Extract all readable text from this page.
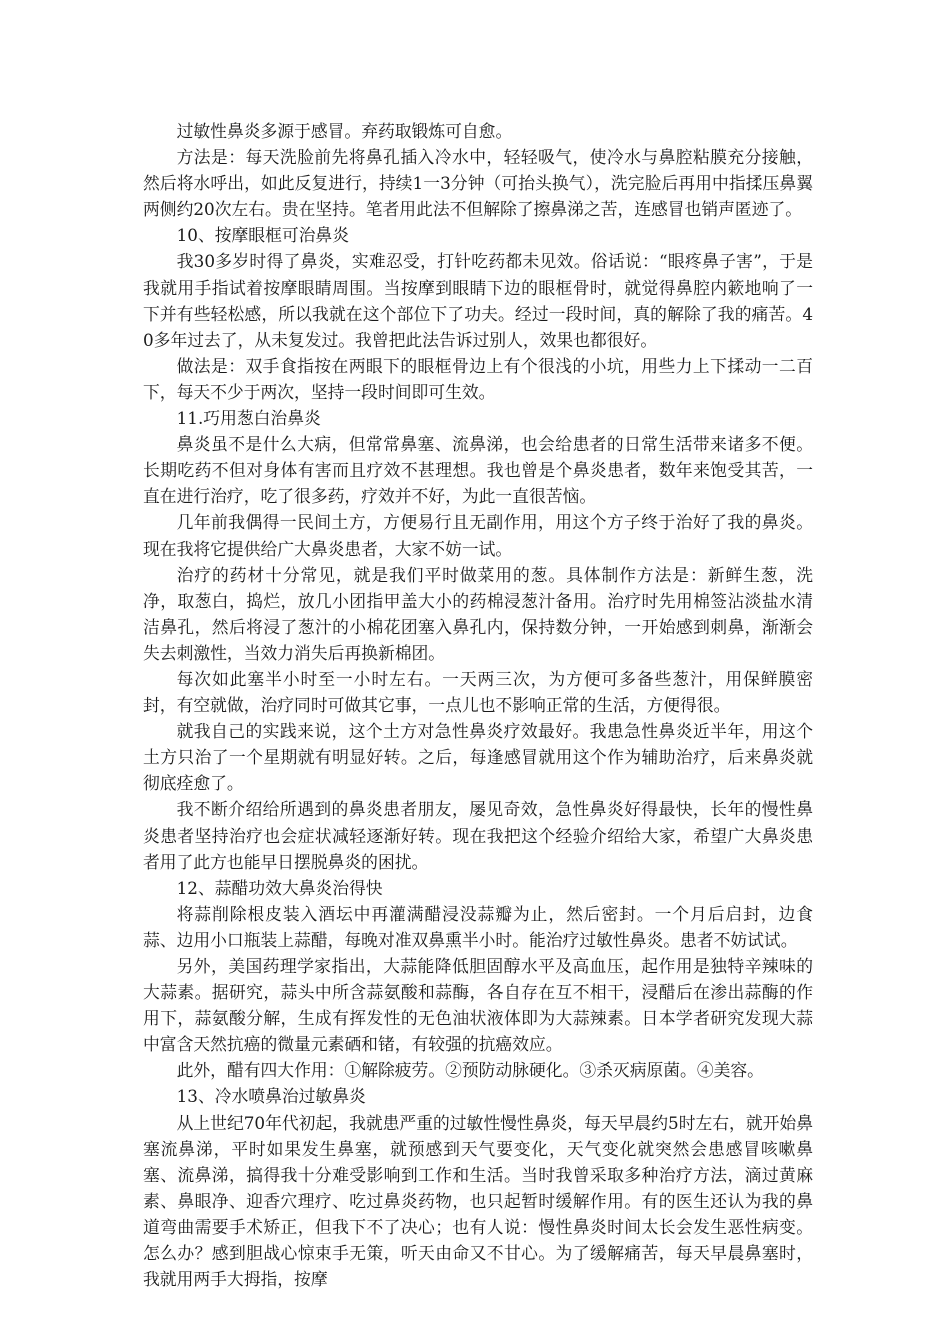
过敏性鼻炎多源于感冒。弃药取锻炼可自愈。

方法是：每天洗脸前先将鼻孔插入冷水中，轻轻吸气，使冷水与鼻腔粘膜充分接触，然后将水呼出，如此反复进行，持续1一3分钟（可抬头换气），洗完脸后再用中指揉压鼻翼两侧约20次左右。贵在坚持。笔者用此法不但解除了擦鼻涕之苦，连感冒也销声匿迹了。

10、按摩眼框可治鼻炎

我30多岁时得了鼻炎，实难忍受，打针吃药都未见效。俗话说：“眼疼鼻子害”，于是我就用手指试着按摩眼睛周围。当按摩到眼睛下边的眼框骨时，就觉得鼻腔内簌地响了一下并有些轻松感，所以我就在这个部位下了功夫。经过一段时间，真的解除了我的痛苦。40多年过去了，从未复发过。我曾把此法告诉过别人，效果也都很好。

做法是：双手食指按在两眼下的眼框骨边上有个很浅的小坑，用些力上下揉动一二百下，每天不少于两次，坚持一段时间即可生效。

11.巧用葱白治鼻炎

鼻炎虽不是什么大病，但常常鼻塞、流鼻涕，也会给患者的日常生活带来诸多不便。长期吃药不但对身体有害而且疗效不甚理想。我也曾是个鼻炎患者，数年来饱受其苦，一直在进行治疗，吃了很多药，疗效并不好，为此一直很苦恼。

几年前我偶得一民间土方，方便易行且无副作用，用这个方子终于治好了我的鼻炎。现在我将它提供给广大鼻炎患者，大家不妨一试。

治疗的药材十分常见，就是我们平时做菜用的葱。具体制作方法是：新鲜生葱，洗净，取葱白，捣烂，放几小团指甲盖大小的药棉浸葱汁备用。治疗时先用棉签沾淡盐水清洁鼻孔，然后将浸了葱汁的小棉花团塞入鼻孔内，保持数分钟，一开始感到刺鼻，渐渐会失去刺激性，当效力消失后再换新棉团。

每次如此塞半小时至一小时左右。一天两三次，为方便可多备些葱汁，用保鲜膜密封，有空就做，治疗同时可做其它事，一点儿也不影响正常的生活，方便得很。

就我自己的实践来说，这个土方对急性鼻炎疗效最好。我患急性鼻炎近半年，用这个土方只治了一个星期就有明显好转。之后，每逢感冒就用这个作为辅助治疗，后来鼻炎就彻底痊愈了。

我不断介绍给所遇到的鼻炎患者朋友，屡见奇效，急性鼻炎好得最快，长年的慢性鼻炎患者坚持治疗也会症状减轻逐渐好转。现在我把这个经验介绍给大家，希望广大鼻炎患者用了此方也能早日摆脱鼻炎的困扰。

12、蒜醋功效大鼻炎治得快

将蒜削除根皮装入酒坛中再灌满醋浸没蒜瓣为止，然后密封。一个月后启封，边食蒜、边用小口瓶装上蒜醋，每晚对准双鼻熏半小时。能治疗过敏性鼻炎。患者不妨试试。

另外，美国药理学家指出，大蒜能降低胆固醇水平及高血压，起作用是独特辛辣味的大蒜素。据研究，蒜头中所含蒜氨酸和蒜酶，各自存在互不相干，浸醋后在渗出蒜酶的作用下，蒜氨酸分解，生成有挥发性的无色油状液体即为大蒜辣素。日本学者研究发现大蒜中富含天然抗癌的微量元素硒和锗，有较强的抗癌效应。

此外，醋有四大作用：①解除疲劳。②预防动脉硬化。③杀灭病原菌。④美容。

13、冷水喷鼻治过敏鼻炎

从上世纪70年代初起，我就患严重的过敏性慢性鼻炎，每天早晨约5时左右，就开始鼻塞流鼻涕，平时如果发生鼻塞，就预感到天气要变化，天气变化就突然会患感冒咳嗽鼻塞、流鼻涕，搞得我十分难受影响到工作和生活。当时我曾采取多种治疗方法，滴过黄麻素、鼻眼净、迎香穴理疗、吃过鼻炎药物，也只起暂时缓解作用。有的医生还认为我的鼻道弯曲需要手术矫正，但我下不了决心；也有人说：慢性鼻炎时间太长会发生恶性病变。怎么办？感到胆战心惊束手无策，听天由命又不甘心。为了缓解痛苦，每天早晨鼻塞时，我就用两手大拇指，按摩
